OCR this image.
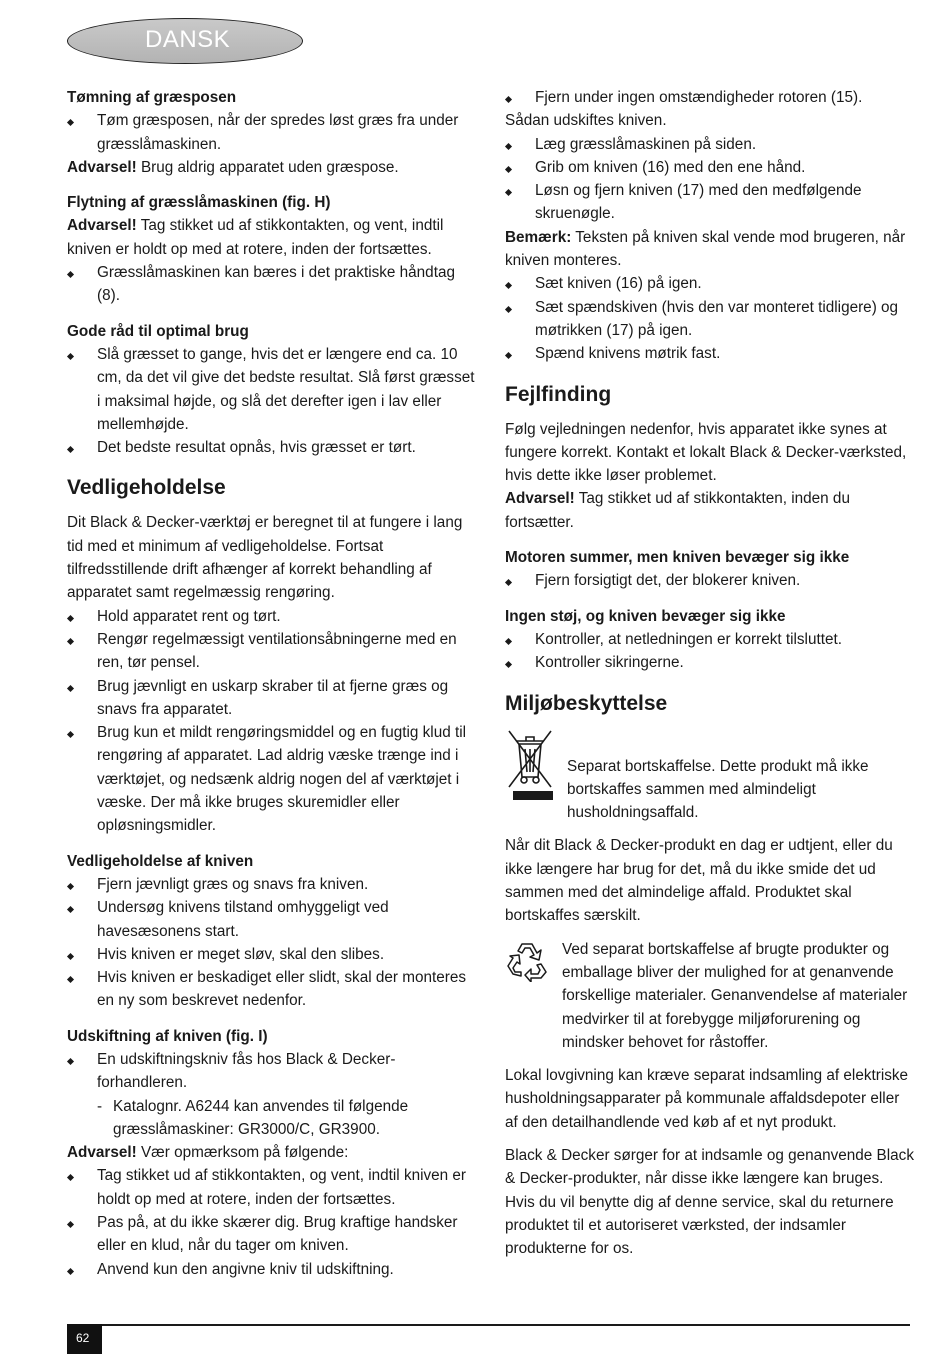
DANSK

Tømning af græsposen

Tøm græsposen, når der spredes løst græs fra under græsslåmaskinen.

Advarsel! Brug aldrig apparatet uden græspose.

Flytning af græsslåmaskinen (fig. H)

Advarsel! Tag stikket ud af stikkontakten, og vent, indtil kniven er holdt op med at rotere, inden der fortsættes.

Græsslåmaskinen kan bæres i det praktiske håndtag (8).

Gode råd til optimal brug

Slå græsset to gange, hvis det er længere end ca. 10 cm, da det vil give det bedste resultat. Slå først græsset i maksimal højde, og slå det derefter igen i lav eller mellemhøjde.
Det bedste resultat opnås, hvis græsset er tørt.

Vedligeholdelse

Dit Black & Decker-værktøj er beregnet til at fungere i lang tid med et minimum af vedligeholdelse. Fortsat tilfredsstillende drift afhænger af korrekt behandling af apparatet samt regelmæssig rengøring.

Hold apparatet rent og tørt.
Rengør regelmæssigt ventilationsåbningerne med en ren, tør pensel.
Brug jævnligt en uskarp skraber til at fjerne græs og snavs fra apparatet.
Brug kun et mildt rengøringsmiddel og en fugtig klud til rengøring af apparatet. Lad aldrig væske trænge ind i værktøjet, og nedsænk aldrig nogen del af værktøjet i væske. Der må ikke bruges skuremidler eller opløsningsmidler.

Vedligeholdelse af kniven

Fjern jævnligt græs og snavs fra kniven.
Undersøg knivens tilstand omhyggeligt ved havesæsonens start.
Hvis kniven er meget sløv, skal den slibes.
Hvis kniven er beskadiget eller slidt, skal der monteres en ny som beskrevet nedenfor.

Udskiftning af kniven (fig. I)

En udskiftningskniv fås hos Black & Decker-forhandleren.

- Katalognr. A6244 kan anvendes til følgende græsslåmaskiner: GR3000/C, GR3900.

Advarsel! Vær opmærksom på følgende:

Tag stikket ud af stikkontakten, og vent, indtil kniven er holdt op med at rotere, inden der fortsættes.
Pas på, at du ikke skærer dig. Brug kraftige handsker eller en klud, når du tager om kniven.
Anvend kun den angivne kniv til udskiftning.
Fjern under ingen omstændigheder rotoren (15).

Sådan udskiftes kniven.

Læg græsslåmaskinen på siden.
Grib om kniven (16) med den ene hånd.
Løsn og fjern kniven (17) med den medfølgende skruenøgle.

Bemærk: Teksten på kniven skal vende mod brugeren, når kniven monteres.

Sæt kniven (16) på igen.
Sæt spændskiven (hvis den var monteret tidligere) og møtrikken (17) på igen.
Spænd knivens møtrik fast.

Fejlfinding

Følg vejledningen nedenfor, hvis apparatet ikke synes at fungere korrekt. Kontakt et lokalt Black & Decker-værksted, hvis dette ikke løser problemet.

Advarsel! Tag stikket ud af stikkontakten, inden du fortsætter.

Motoren summer, men kniven bevæger sig ikke

Fjern forsigtigt det, der blokerer kniven.

Ingen støj, og kniven bevæger sig ikke

Kontroller, at netledningen er korrekt tilsluttet.
Kontroller sikringerne.

Miljøbeskyttelse

Separat bortskaffelse. Dette produkt må ikke bortskaffes sammen med almindeligt husholdningsaffald.

Når dit Black & Decker-produkt en dag er udtjent, eller du ikke længere har brug for det, må du ikke smide det ud sammen med det almindelige affald. Produktet skal bortskaffes særskilt.

Ved separat bortskaffelse af brugte produkter og emballage bliver der mulighed for at genanvende forskellige materialer. Genanvendelse af materialer medvirker til at forebygge miljøforurening og mindsker behovet for råstoffer.

Lokal lovgivning kan kræve separat indsamling af elektriske husholdningsapparater på kommunale affaldsdepoter eller af den detailhandlende ved køb af et nyt produkt.

Black & Decker sørger for at indsamle og genanvende Black & Decker-produkter, når disse ikke længere kan bruges. Hvis du vil benytte dig af denne service, skal du returnere produktet til et autoriseret værksted, der indsamler produkterne for os.

62
